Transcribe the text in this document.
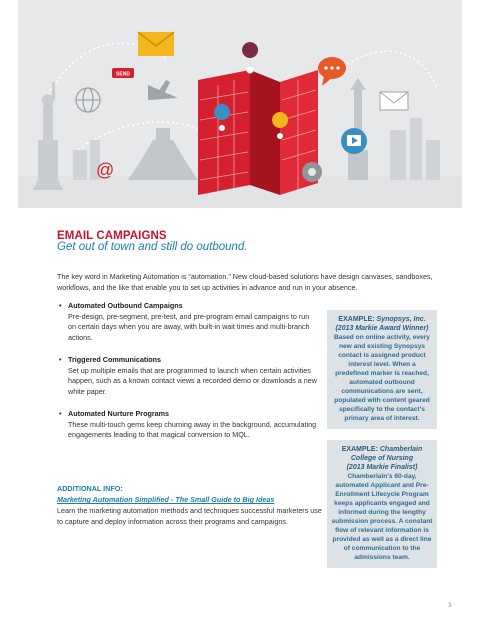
SEND
@
EMAIL CAMPAIGNS
Get out of town and still do outbound.
The key word in Marketing Automation is “automation.” New cloud-based solutions have design canvases, sandboxes, workflows, and the like that enable you to set up activities in advance and run in your absence.
• Automated Outbound Campaigns
Pre-design, pre-segment, pre-test, and pre-program email campaigns to run on certain days when you are away, with built-in wait times and multi-branch actions.
• Triggered Communications
Set up multiple emails that are programmed to launch when certain activities happen, such as a known contact views a recorded demo or downloads a new white paper.
• Automated Nurture Programs
These multi-touch gems keep churning away in the background, accumulating engagements leading to that magical conversion to MQL.
ADDITIONAL INFO:
Marketing Automation Simplified - The Small Guide to Big Ideas
Learn the marketing automation methods and techniques successful marketers use to capture and deploy information across their programs and campaigns.
EXAMPLE: Synopsys, Inc.
(2013 Markie Award Winner)
Based on online activity, every new and existing Synopsys contact is assigned product interest level. When a predefined marker is reached, automated outbound communications are sent, populated with content geared specifically to the contact’s primary area of interest.
EXAMPLE: Chamberlain College of Nursing
(2013 Markie Finalist)
Chamberlain’s 60-day, automated Applicant and Pre-Enrollment Lifecycle Program keeps applicants engaged and informed during the lengthy submission process. A constant flow of relevant information is provided as well as a direct line of communication to the admissions team.
3
